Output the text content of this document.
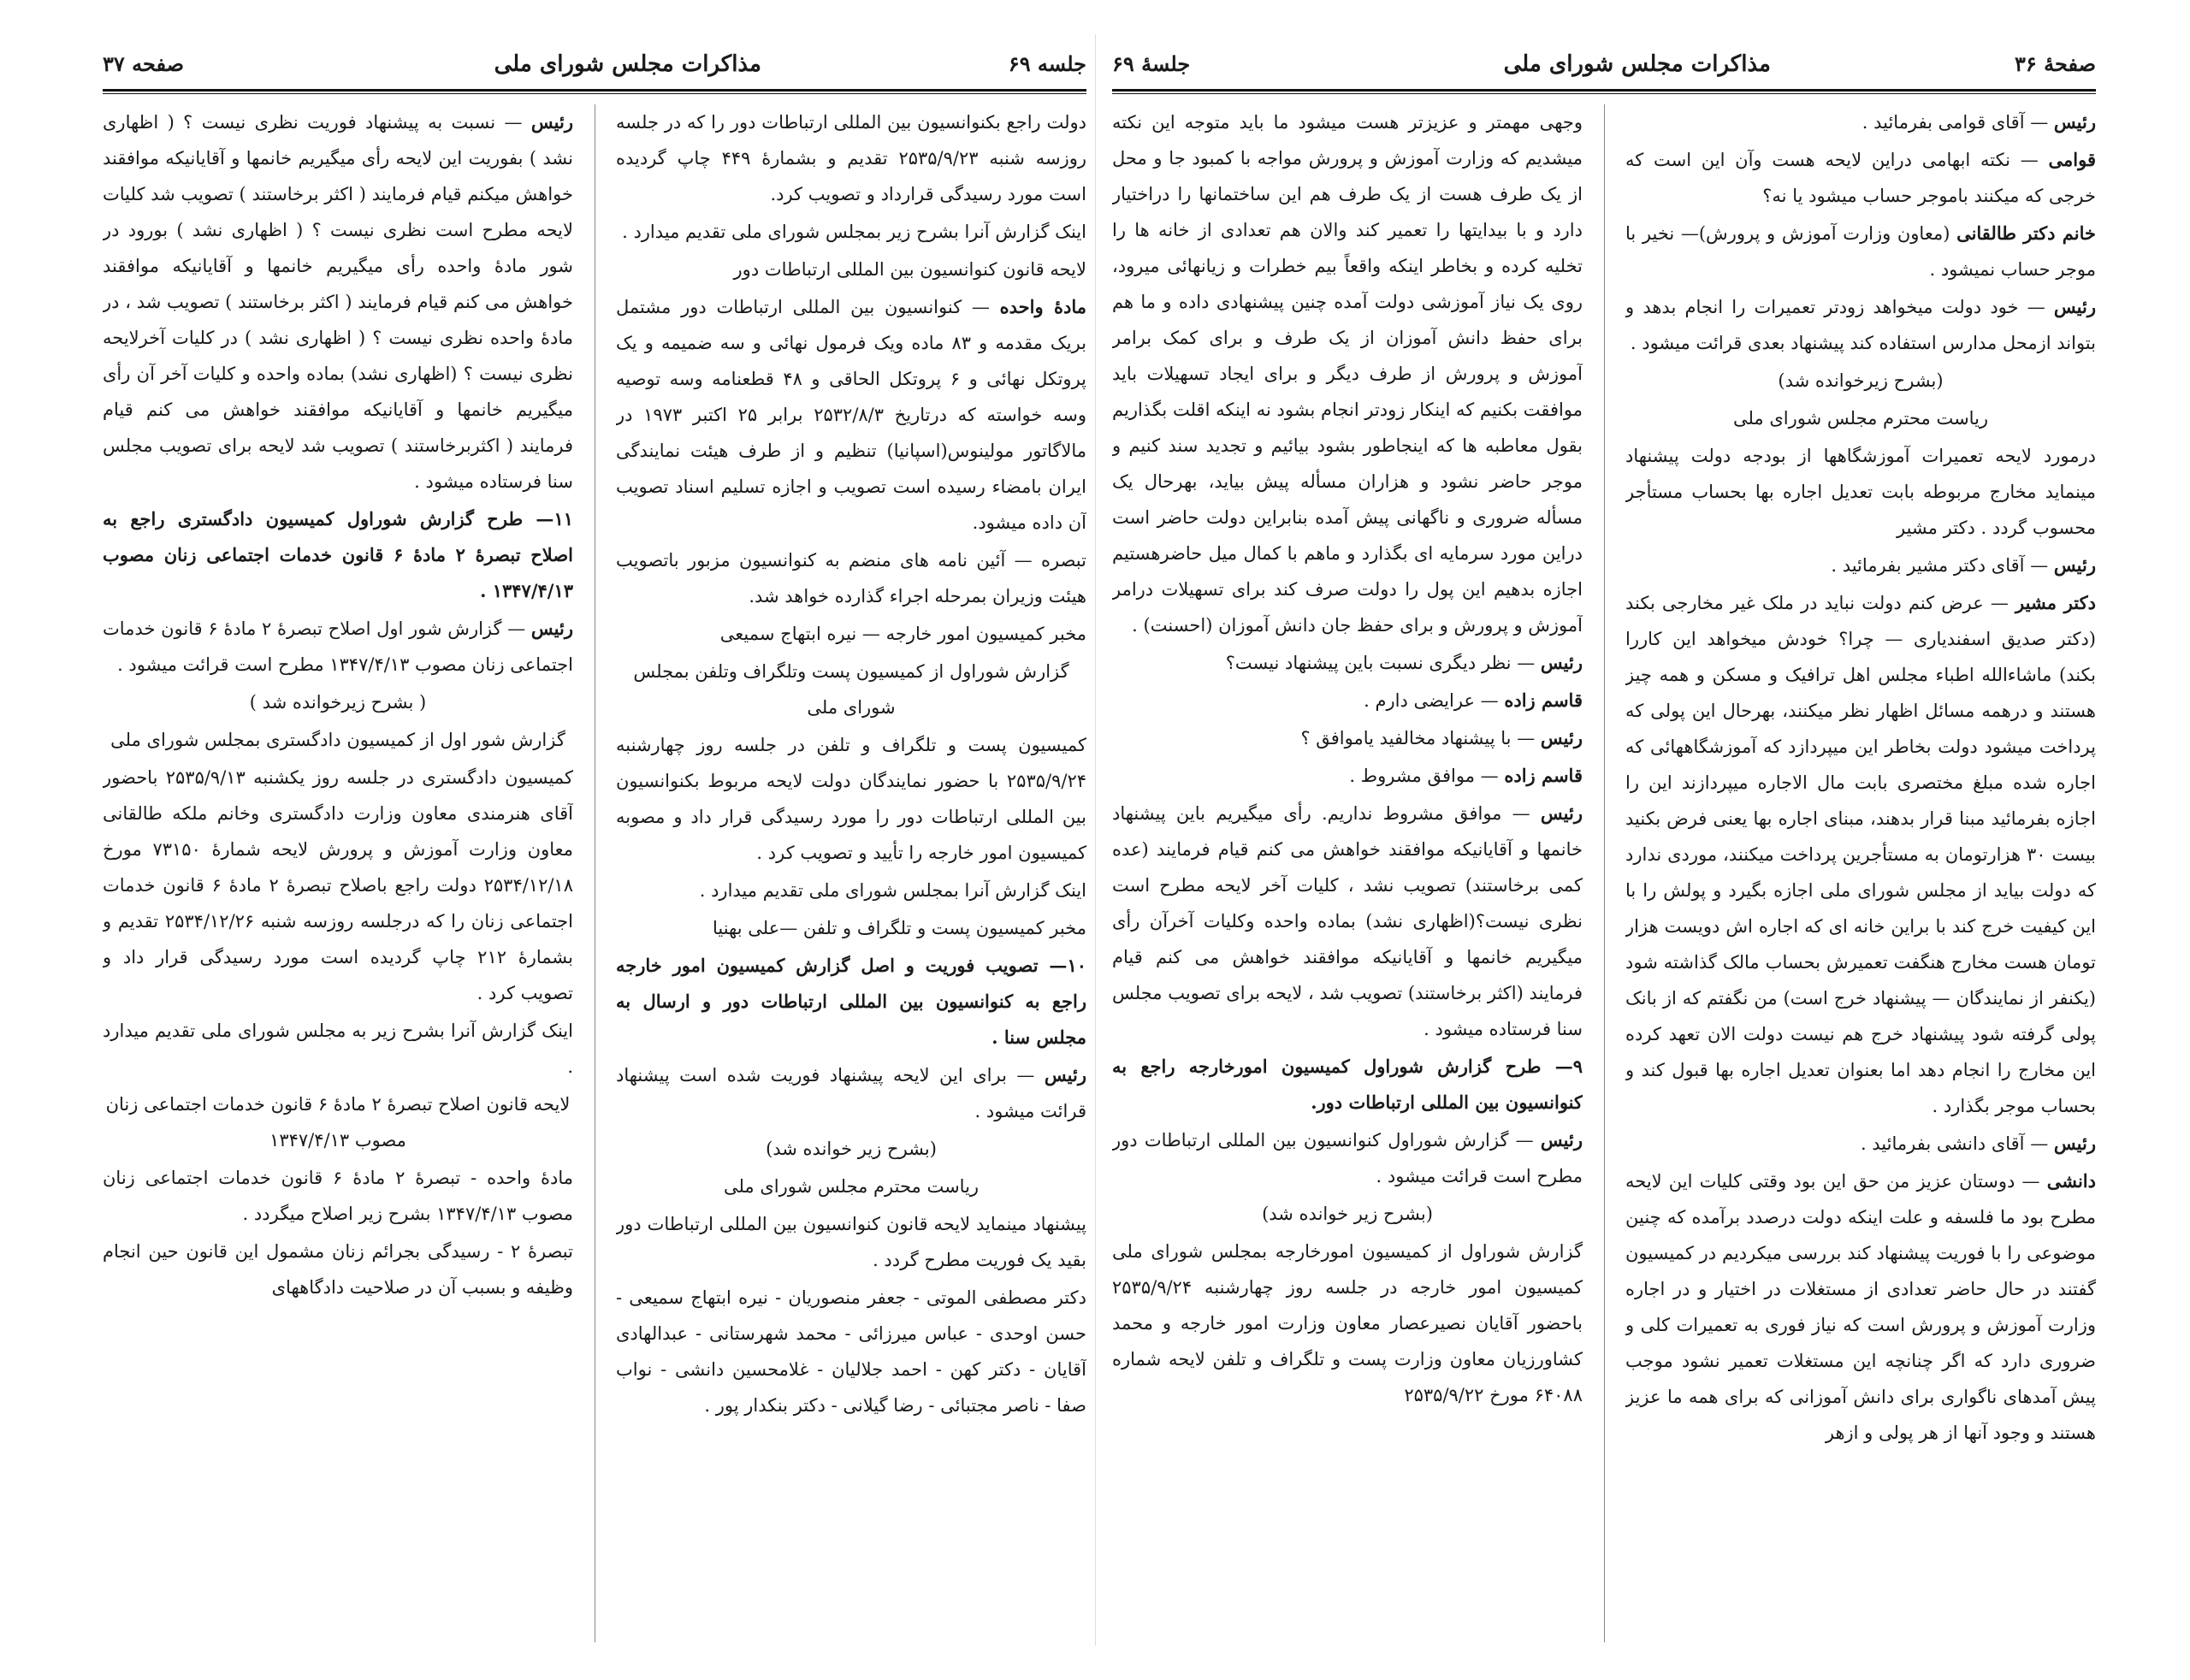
صفحهٔ ۳۶
مذاکرات مجلس شورای ملی
جلسهٔ ۶۹

رئیس — آقای قوامی بفرمائید .

قوامی — نکته ابهامی دراین لایحه هست وآن این است که خرجی که میکنند باموجر حساب میشود یا نه؟

خانم دکتر طالقانی (معاون وزارت آموزش و پرورش)— نخیر با موجر حساب نمیشود .

رئیس — خود دولت میخواهد زودتر تعمیرات را انجام بدهد و بتواند ازمحل مدارس استفاده کند پیشنهاد بعدی قرائت میشود .

(بشرح زیرخوانده شد)

ریاست محترم مجلس شورای ملی

درمورد لایحه تعمیرات آموزشگاهها از بودجه دولت پیشنهاد مینماید مخارج مربوطه بابت تعدیل اجاره بها بحساب مستأجر محسوب گردد . دکتر مشیر

رئیس — آقای دکتر مشیر بفرمائید .

دکتر مشیر — عرض کنم دولت نباید در ملک غیر مخارجی بکند (دکتر صدیق اسفندیاری — چرا؟ خودش میخواهد این کاررا بکند) ماشاءالله اطباء مجلس اهل ترافیک و مسکن و همه چیز هستند و درهمه مسائل اظهار نظر میکنند، بهرحال این پولی که پرداخت میشود دولت بخاطر این میپردازد که آموزشگاههائی که اجاره شده مبلغ مختصری بابت مال الاجاره میپردازند این را اجازه بفرمائید مبنا قرار بدهند، مبنای اجاره بها یعنی فرض بکنید بیست ۳۰ هزارتومان به مستأجرین پرداخت میکنند، موردی ندارد که دولت بیاید از مجلس شورای ملی اجازه بگیرد و پولش را با این کیفیت خرج کند با براین خانه ای که اجاره اش دویست هزار تومان هست مخارج هنگفت تعمیرش بحساب مالک گذاشته شود (یکنفر از نمایندگان — پیشنهاد خرج است) من نگفتم که از بانک پولی گرفته شود پیشنهاد خرج هم نیست دولت الان تعهد کرده این مخارج را انجام دهد اما بعنوان تعدیل اجاره بها قبول کند و بحساب موجر بگذارد .

رئیس — آقای دانشی بفرمائید .

دانشی — دوستان عزیز من حق این بود وقتی کلیات این لایحه مطرح بود ما فلسفه و علت اینکه دولت درصدد برآمده که چنین موضوعی را با فوریت پیشنهاد کند بررسی میکردیم در کمیسیون گفتند در حال حاضر تعدادی از مستغلات در اختیار و در اجاره وزارت آموزش و پرورش است که نیاز فوری به تعمیرات کلی و ضروری دارد که اگر چنانچه این مستغلات تعمیر نشود موجب پیش آمدهای ناگواری برای دانش آموزانی که برای همه ما عزیز هستند و وجود آنها از هر پولی و ازهر

وجهی مهمتر و عزیزتر هست میشود ما باید متوجه این نکته میشدیم که وزارت آموزش و پرورش مواجه با کمبود جا و محل از یک طرف هست از یک طرف هم این ساختمانها را دراختیار دارد و با بیدایتها را تعمیر کند والان هم تعدادی از خانه ها را تخلیه کرده و بخاطر اینکه واقعاً بیم خطرات و زیانهائی میرود، روی یک نیاز آموزشی دولت آمده چنین پیشنهادی داده و ما هم برای حفظ دانش آموزان از یک طرف و برای کمک برامر آموزش و پرورش از طرف دیگر و برای ایجاد تسهیلات باید موافقت بکنیم که اینکار زودتر انجام بشود نه اینکه اقلت بگذاریم بقول معاطبه ها که اینجاطور بشود بیائیم و تجدید سند کنیم و موجر حاضر نشود و هزاران مسأله پیش بیاید، بهرحال یک مسأله ضروری و ناگهانی پیش آمده بنابراین دولت حاضر است دراین مورد سرمایه ای بگذارد و ماهم با کمال میل حاضرهستیم اجازه بدهیم این پول را دولت صرف کند برای تسهیلات درامر آموزش و پرورش و برای حفظ جان دانش آموزان (احسنت) .

رئیس — نظر دیگری نسبت باین پیشنهاد نیست؟

قاسم زاده — عرایضی دارم .

رئیس — با پیشنهاد مخالفید یاموافق ؟

قاسم زاده — موافق مشروط .

رئیس — موافق مشروط نداریم. رأی میگیریم باین پیشنهاد خانمها و آقایانیکه موافقند خواهش می کنم قیام فرمایند (عده کمی برخاستند) تصویب نشد ، کلیات آخر لایحه مطرح است نظری نیست؟(اظهاری نشد) بماده واحده وکلیات آخرآن رأی میگیریم خانمها و آقایانیکه موافقند خواهش می کنم قیام فرمایند (اکثر برخاستند) تصویب شد ، لایحه برای تصویب مجلس سنا فرستاده میشود .

۹— طرح گزارش شوراول کمیسیون امورخارجه راجع به کنوانسیون بین المللی ارتباطات دور.

رئیس — گزارش شوراول کنوانسیون بین المللی ارتباطات دور مطرح است قرائت میشود .

(بشرح زیر خوانده شد)

گزارش شوراول از کمیسیون امورخارجه بمجلس شورای ملی کمیسیون امور خارجه در جلسه روز چهارشنبه ۲۵۳۵/۹/۲۴ باحضور آقایان نصیرعصار معاون وزارت امور خارجه و محمد کشاورزیان معاون وزارت پست و تلگراف و تلفن لایحه شماره ۶۴۰۸۸ مورخ ۲۵۳۵/۹/۲۲

صفحه ۳۷	مذاکرات مجلس شورای ملی	جلسه ۶۹

دولت راجع بکنوانسیون بین المللی ارتباطات دور را که در جلسه روزسه شنبه ۲۵۳۵/۹/۲۳ تقدیم و بشمارهٔ ۴۴۹ چاپ گردیده است مورد رسیدگی قرارداد و تصویب کرد.

اینک گزارش آنرا بشرح زیر بمجلس شورای ملی تقدیم میدارد .

لایحه قانون کنوانسیون بین المللی ارتباطات دور

مادهٔ واحده — کنوانسیون بین المللی ارتباطات دور مشتمل بریک مقدمه و ۸۳ ماده ویک فرمول نهائی و سه ضمیمه و یک پروتکل نهائی و ۶ پروتکل الحاقی و ۴۸ قطعنامه وسه توصیه وسه خواسته که درتاریخ ۲۵۳۲/۸/۳ برابر ۲۵ اکتبر ۱۹۷۳ در مالاگاتور مولینوس(اسپانیا) تنظیم و از طرف هیئت نمایندگی ایران بامضاء رسیده است تصویب و اجازه تسلیم اسناد تصویب آن داده میشود.

تبصره — آئین نامه های منضم به کنوانسیون مزبور باتصویب هیئت وزیران بمرحله اجراء گذارده خواهد شد.

مخبر کمیسیون امور خارجه — نیره ابتهاج سمیعی

گزارش شوراول از کمیسیون پست وتلگراف وتلفن بمجلس شورای ملی

کمیسیون پست و تلگراف و تلفن در جلسه روز چهارشنبه ۲۵۳۵/۹/۲۴ با حضور نمایندگان دولت لایحه مربوط بکنوانسیون بین المللی ارتباطات دور را مورد رسیدگی قرار داد و مصوبه کمیسیون امور خارجه را تأیید و تصویب کرد .

اینک گزارش آنرا بمجلس شورای ملی تقدیم میدارد .

مخبر کمیسیون پست و تلگراف و تلفن —علی بهنیا

۱۰— تصویب فوریت و اصل گزارش کمیسیون امور خارجه راجع به کنوانسیون بین المللی ارتباطات دور و ارسال به مجلس سنا .

رئیس — برای این لایحه پیشنهاد فوریت شده است پیشنهاد قرائت میشود .

(بشرح زیر خوانده شد)

ریاست محترم مجلس شورای ملی

پیشنهاد مینماید لایحه قانون کنوانسیون بین المللی ارتباطات دور بقید یک فوریت مطرح گردد .

دکتر مصطفی الموتی - جعفر منصوریان - نیره ابتهاج سمیعی - حسن اوحدی - عباس میرزائی - محمد شهرستانی - عبدالهادی آقایان - دکتر کهن - احمد جلالیان - غلامحسین دانشی - نواب صفا - ناصر مجتبائی - رضا گیلانی - دکتر بنکدار پور .

رئیس — نسبت به پیشنهاد فوریت نظری نیست ؟ ( اظهاری نشد ) بفوریت این لایحه رأی میگیریم خانمها و آقایانیکه موافقند خواهش میکنم قیام فرمایند ( اکثر برخاستند ) تصویب شد کلیات لایحه مطرح است نظری نیست ؟ ( اظهاری نشد ) بورود در شور مادهٔ واحده رأی میگیریم خانمها و آقایانیکه موافقند خواهش می کنم قیام فرمایند ( اکثر برخاستند ) تصویب شد ، در مادهٔ واحده نظری نیست ؟ ( اظهاری نشد ) در کلیات آخرلایحه نظری نیست ؟ (اظهاری نشد) بماده واحده و کلیات آخر آن رأی میگیریم خانمها و آقایانیکه موافقند خواهش می کنم قیام فرمایند ( اکثربرخاستند ) تصویب شد لایحه برای تصویب مجلس سنا فرستاده میشود .

۱۱— طرح گزارش شوراول کمیسیون دادگستری راجع به اصلاح تبصرهٔ ۲ مادهٔ ۶ قانون خدمات اجتماعی زنان مصوب ۱۳۴۷/۴/۱۳ .

رئیس — گزارش شور اول اصلاح تبصرهٔ ۲ مادهٔ ۶ قانون خدمات اجتماعی زنان مصوب ۱۳۴۷/۴/۱۳ مطرح است قرائت میشود .

( بشرح زیرخوانده شد )

گزارش شور اول از کمیسیون دادگستری بمجلس شورای ملی

کمیسیون دادگستری در جلسه روز یکشنبه ۲۵۳۵/۹/۱۳ باحضور آقای هنرمندی معاون وزارت دادگستری وخانم ملکه طالقانی معاون وزارت آموزش و پرورش لایحه شمارهٔ ۷۳۱۵۰ مورخ ۲۵۳۴/۱۲/۱۸ دولت راجع باصلاح تبصرهٔ ۲ مادهٔ ۶ قانون خدمات اجتماعی زنان را که درجلسه روزسه شنبه ۲۵۳۴/۱۲/۲۶ تقدیم و بشمارهٔ ۲۱۲ چاپ گردیده است مورد رسیدگی قرار داد و تصویب کرد .

اینک گزارش آنرا بشرح زیر به مجلس شورای ملی تقدیم میدارد .

لایحه قانون اصلاح تبصرهٔ ۲ مادهٔ ۶ قانون خدمات اجتماعی زنان مصوب ۱۳۴۷/۴/۱۳

مادهٔ واحده - تبصرهٔ ۲ مادهٔ ۶ قانون خدمات اجتماعی زنان مصوب ۱۳۴۷/۴/۱۳ بشرح زیر اصلاح میگردد .

تبصرهٔ ۲ - رسیدگی بجرائم زنان مشمول این قانون حین انجام وظیفه و بسبب آن در صلاحیت دادگاههای
